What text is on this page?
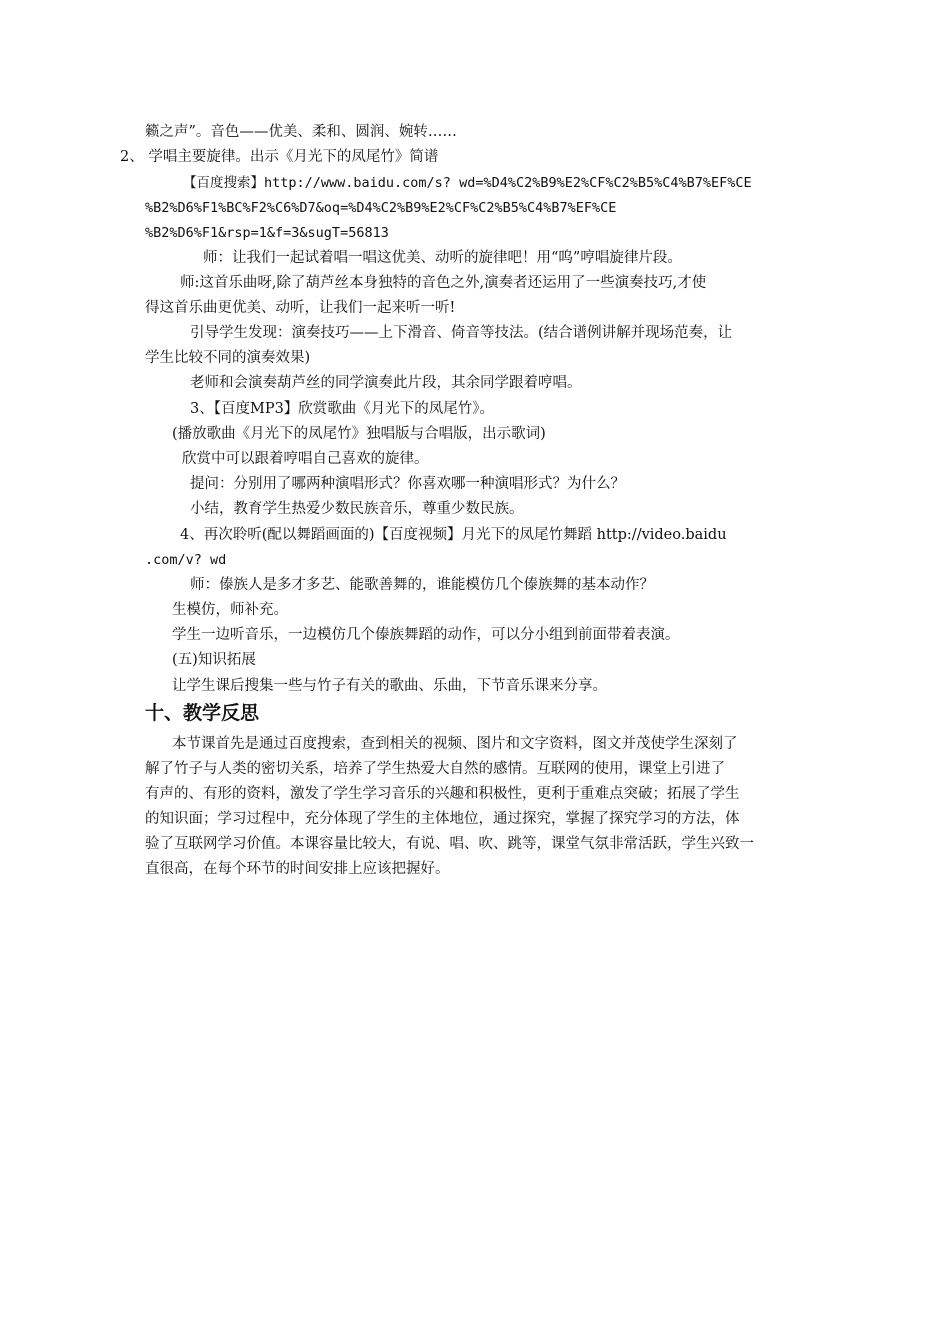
籁之声”。音色——优美、柔和、圆润、婉转……
2、 学唱主要旋律。出示《月光下的凤尾竹》简谱
【百度搜索】http://www.baidu.com/s? wd=%D4%C2%B9%E2%CF%C2%B5%C4%B7%EF%CE
%B2%D6%F1%BC%F2%C6%D7&oq=%D4%C2%B9%E2%CF%C2%B5%C4%B7%EF%CE
%B2%D6%F1&rsp=1&f=3&sugT=56813
师：让我们一起试着唱一唱这优美、动听的旋律吧！用“呜”哼唱旋律片段。
师:这首乐曲呀,除了葫芦丝本身独特的音色之外,演奏者还运用了一些演奏技巧,才使
得这首乐曲更优美、动听，让我们一起来听一听!
引导学生发现：演奏技巧——上下滑音、倚音等技法。(结合谱例讲解并现场范奏，让
学生比较不同的演奏效果)
老师和会演奏葫芦丝的同学演奏此片段，其余同学跟着哼唱。
3、【百度MP3】欣赏歌曲《月光下的凤尾竹》。
(播放歌曲《月光下的凤尾竹》独唱版与合唱版，出示歌词)
欣赏中可以跟着哼唱自己喜欢的旋律。
提问：分别用了哪两种演唱形式？你喜欢哪一种演唱形式？为什么？
小结，教育学生热爱少数民族音乐，尊重少数民族。
4、再次聆听(配以舞蹈画面的)【百度视频】月光下的凤尾竹舞蹈 http://video.baidu
.com/v? wd
师：傣族人是多才多艺、能歌善舞的，谁能模仿几个傣族舞的基本动作？
生模仿，师补充。
学生一边听音乐，一边模仿几个傣族舞蹈的动作，可以分小组到前面带着表演。
(五)知识拓展
让学生课后搜集一些与竹子有关的歌曲、乐曲，下节音乐课来分享。
十、教学反思
本节课首先是通过百度搜索，查到相关的视频、图片和文字资料，图文并茂使学生深刻了
解了竹子与人类的密切关系，培养了学生热爱大自然的感情。互联网的使用，课堂上引进了
有声的、有形的资料，激发了学生学习音乐的兴趣和积极性，更利于重难点突破；拓展了学生
的知识面；学习过程中，充分体现了学生的主体地位，通过探究，掌握了探究学习的方法，体
验了互联网学习价值。本课容量比较大，有说、唱、吹、跳等，课堂气氛非常活跃，学生兴致一
直很高，在每个环节的时间安排上应该把握好。
